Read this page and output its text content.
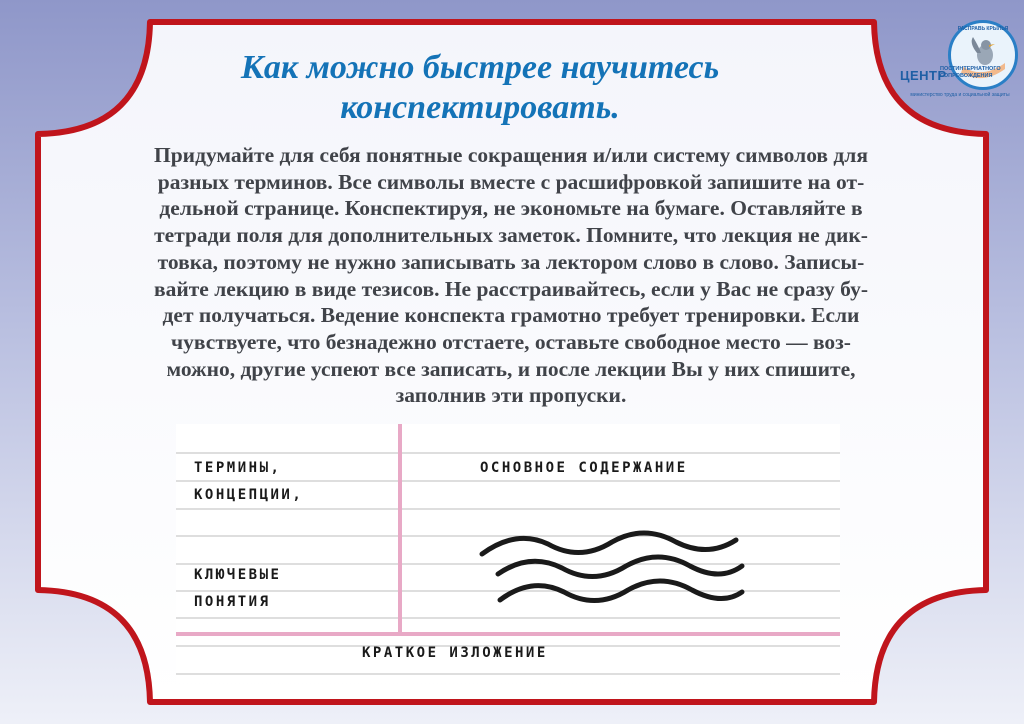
Как можно быстрее научитесь
конспектировать.
РАСПРАВЬ КРЫЛЬЯ
ЦЕНТР
ПОСТИНТЕРНАТНОГО СОПРОВОЖДЕНИЯ
министерство труда и социальной защиты
Придумайте для себя понятные сокращения и/или систему символов для
разных терминов. Все символы вместе с расшифровкой запишите на от-
дельной странице. Конспектируя, не экономьте на бумаге. Оставляйте в
тетради поля для дополнительных заметок. Помните, что лекция не дик-
товка, поэтому не нужно записывать за лектором слово в слово. Записы-
вайте лекцию в виде тезисов. Не расстраивайтесь, если у Вас не сразу бу-
дет получаться. Ведение конспекта грамотно требует тренировки. Если
чувствуете, что безнадежно отстаете, оставьте свободное место — воз-
можно, другие успеют все записать, и после лекции Вы у них спишите,
заполнив эти пропуски.
ТЕРМИНЫ,
КОНЦЕПЦИИ,
КЛЮЧЕВЫЕ
ПОНЯТИЯ
ОСНОВНОЕ СОДЕРЖАНИЕ
КРАТКОЕ ИЗЛОЖЕНИЕ
